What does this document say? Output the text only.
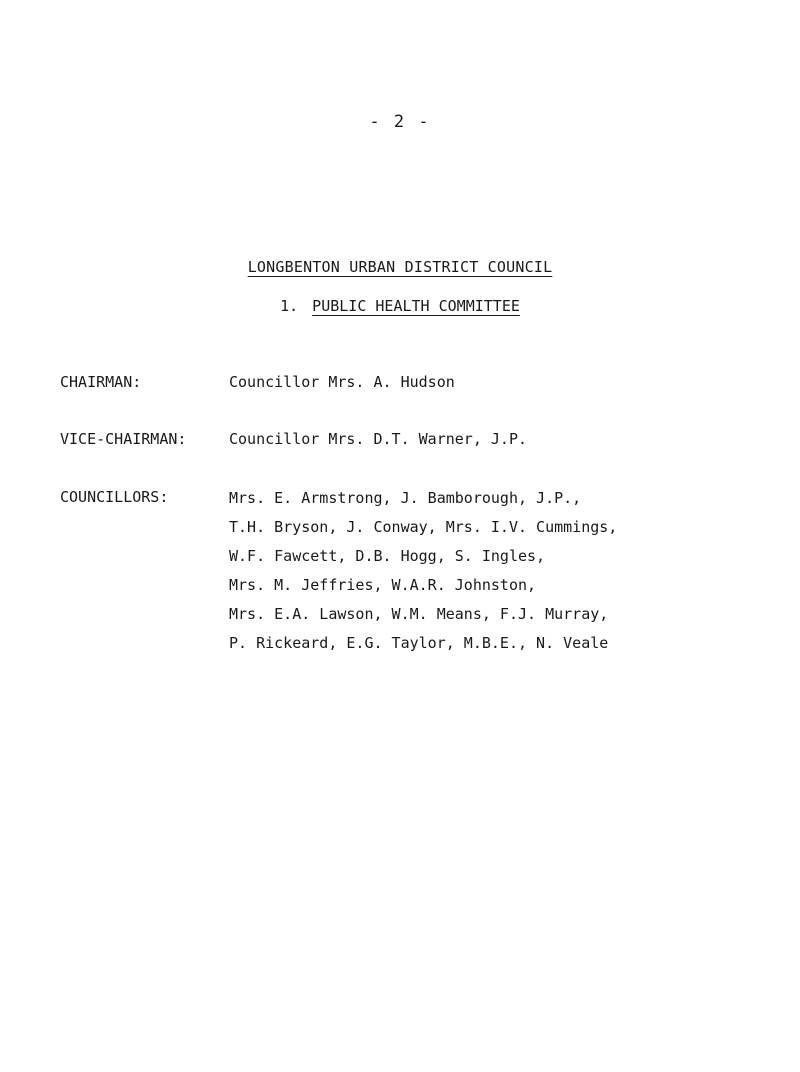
- 2 -
LONGBENTON URBAN DISTRICT COUNCIL
1. PUBLIC HEALTH COMMITTEE
CHAIRMAN:	Councillor Mrs. A. Hudson
VICE-CHAIRMAN:	Councillor Mrs. D.T. Warner, J.P.
COUNCILLORS:	Mrs. E. Armstrong, J. Bamborough, J.P.,
T.H. Bryson, J. Conway, Mrs. I.V. Cummings,
W.F. Fawcett, D.B. Hogg, S. Ingles,
Mrs. M. Jeffries, W.A.R. Johnston,
Mrs. E.A. Lawson, W.M. Means, F.J. Murray,
P. Rickeard, E.G. Taylor, M.B.E., N. Veale
